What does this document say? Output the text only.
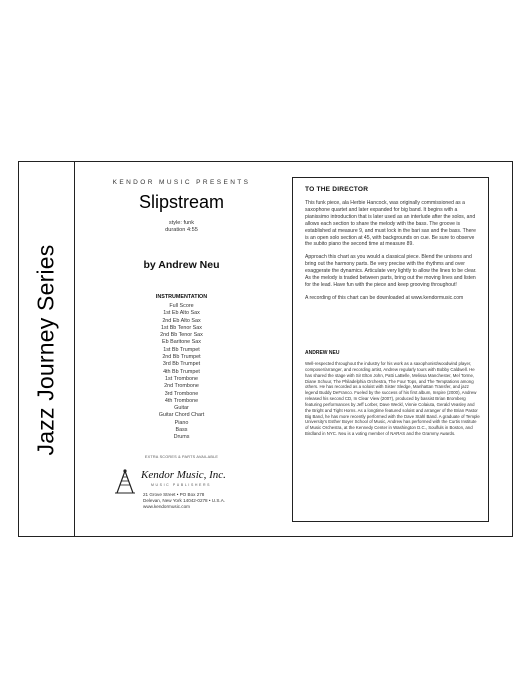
Jazz Journey Series
KENDOR MUSIC PRESENTS
Slipstream
style: funk
duration 4:55
by Andrew Neu
INSTRUMENTATION
Full Score
1st Eb Alto Sax
2nd Eb Alto Sax
1st Bb Tenor Sax
2nd Bb Tenor Sax
Eb Baritone Sax
1st Bb Trumpet
2nd Bb Trumpet
3rd Bb Trumpet
4th Bb Trumpet
1st Trombone
2nd Trombone
3rd Trombone
4th Trombone
Guitar
Guitar Chord Chart
Piano
Bass
Drums
EXTRA SCORES & PARTS AVAILABLE
Kendor Music, Inc.
MUSIC PUBLISHERS
21 Grove Street • PO Box 278
Delevan, New York 14042-0278 • U.S.A.
www.kendormusic.com
TO THE DIRECTOR

This funk piece, ala Herbie Hancock, was originally commissioned as a saxophone quartet and later expanded for big band. It begins with a pianissimo introduction that is later used as an interlude after the solos, and allows each section to share the melody with the bass. The groove is established at measure 9, and must lock in the bari sax and the bass. There is an open solo section at 45, with backgrounds on cue. Be sure to observe the subito piano the second time at measure 89.

Approach this chart as you would a classical piece. Blend the unisons and bring out the harmony parts. Be very precise with the rhythms and over exaggerate the dynamics. Articulate very lightly to allow the lines to be clear. As the melody is traded between parts, bring out the moving lines and listen for the lead. Have fun with the piece and keep grooving throughout!

A recording of this chart can be downloaded at www.kendormusic.com

ANDREW NEU

Well-respected throughout the industry for his work as a saxophonist/woodwind player, composer/arranger, and recording artist, Andrew regularly tours with Bobby Caldwell. He has shared the stage with Sir Elton John, Patti LaBelle, Melissa Manchester, Mel Torme, Diane Schuur, The Philadelphia Orchestra, The Four Tops, and The Temptations among others. He has recorded as a soloist with Sister Sledge, Manhattan Transfer, and jazz legend Buddy DeFranco. Fueled by the success of his first album, Inspire (2000), Andrew released his second CD, In Clear View (2007), produced by bassist Brian Bromberg featuring performances by Jeff Lorber, Dave Weckl, Vinnie Colaiuta, Gerald Veasley and the Bright and Tight Horns. As a longtime featured soloist and arranger of the Brian Pastor Big Band, he has more recently performed with the Dave Stahl Band. A graduate of Temple University's Esther Boyer School of Music, Andrew has performed with the Curtis Institute of Music Orchestra, at the Kennedy Center in Washington D.C., Soulfuls in Boston, and Birdland in NYC. Neu is a voting member of NARAS and the Grammy Awards.
